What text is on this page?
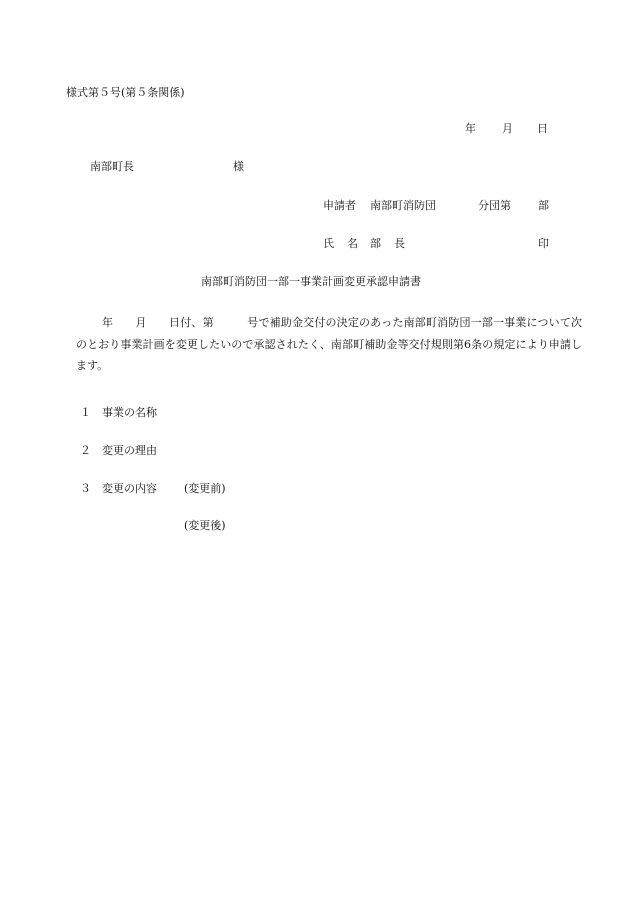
様式第５号(第５条関係)
年 月 日
南部町長	様
申請者 南部町消防団	分団第 部
氏 名 部 長	印
南部町消防団一部一事業計画変更承認申請書
年　　月　　日付、第　　　号で補助金交付の決定のあった南部町消防団一部一事業について次のとおり事業計画を変更したいので承認されたく、南部町補助金等交付規則第6条の規定により申請します。
１ 事業の名称
２ 変更の理由
３ 変更の内容 (変更前)
(変更後)
